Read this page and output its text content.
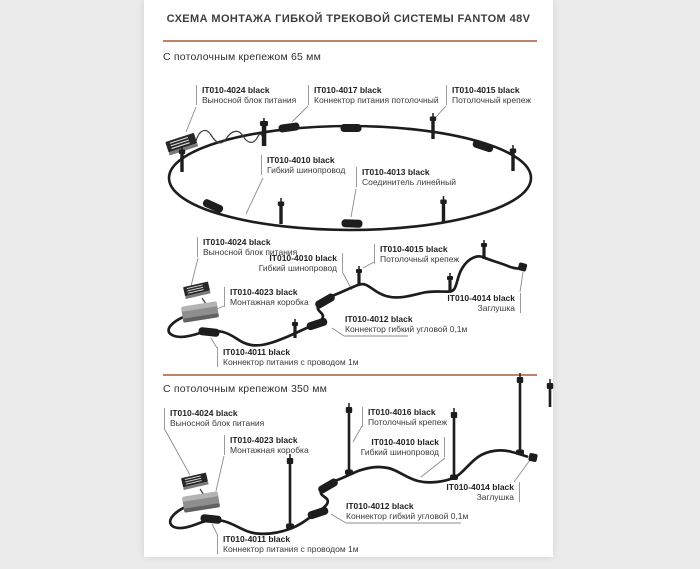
СХЕМА МОНТАЖА ГИБКОЙ ТРЕКОВОЙ СИСТЕМЫ FANTOM 48V
С потолочным крепежом 65 мм
С потолочным крепежом 350 мм
IT010-4024 black
Выносной блок питания
IT010-4017 black
Коннектор питания потолочный
IT010-4015 black
Потолочный крепеж
IT010-4010 black
Гибкий шинопровод IT010-4013 black
Соединитель линейный
IT010-4024 black
Выносной блок питания
IT010-4010 black
Гибкий шинопровод
IT010-4015 black
Потолочный крепеж
IT010-4023 black
Монтажная коробка	IT010-4014 black
Заглушка
IT010-4012 black
Коннектор гибкий угловой 0,1м
IT010-4011 black
Коннектор питания с проводом 1м
IT010-4024 black
Выносной блок питания
IT010-4023 black
Монтажная коробка
IT010-4016 black
Потолочный крепеж
IT010-4010 black
Гибкий шинопровод
IT010-4014 black
Заглушка
IT010-4012 black
Коннектор гибкий угловой 0,1м
IT010-4011 black
Коннектор питания с проводом 1м
